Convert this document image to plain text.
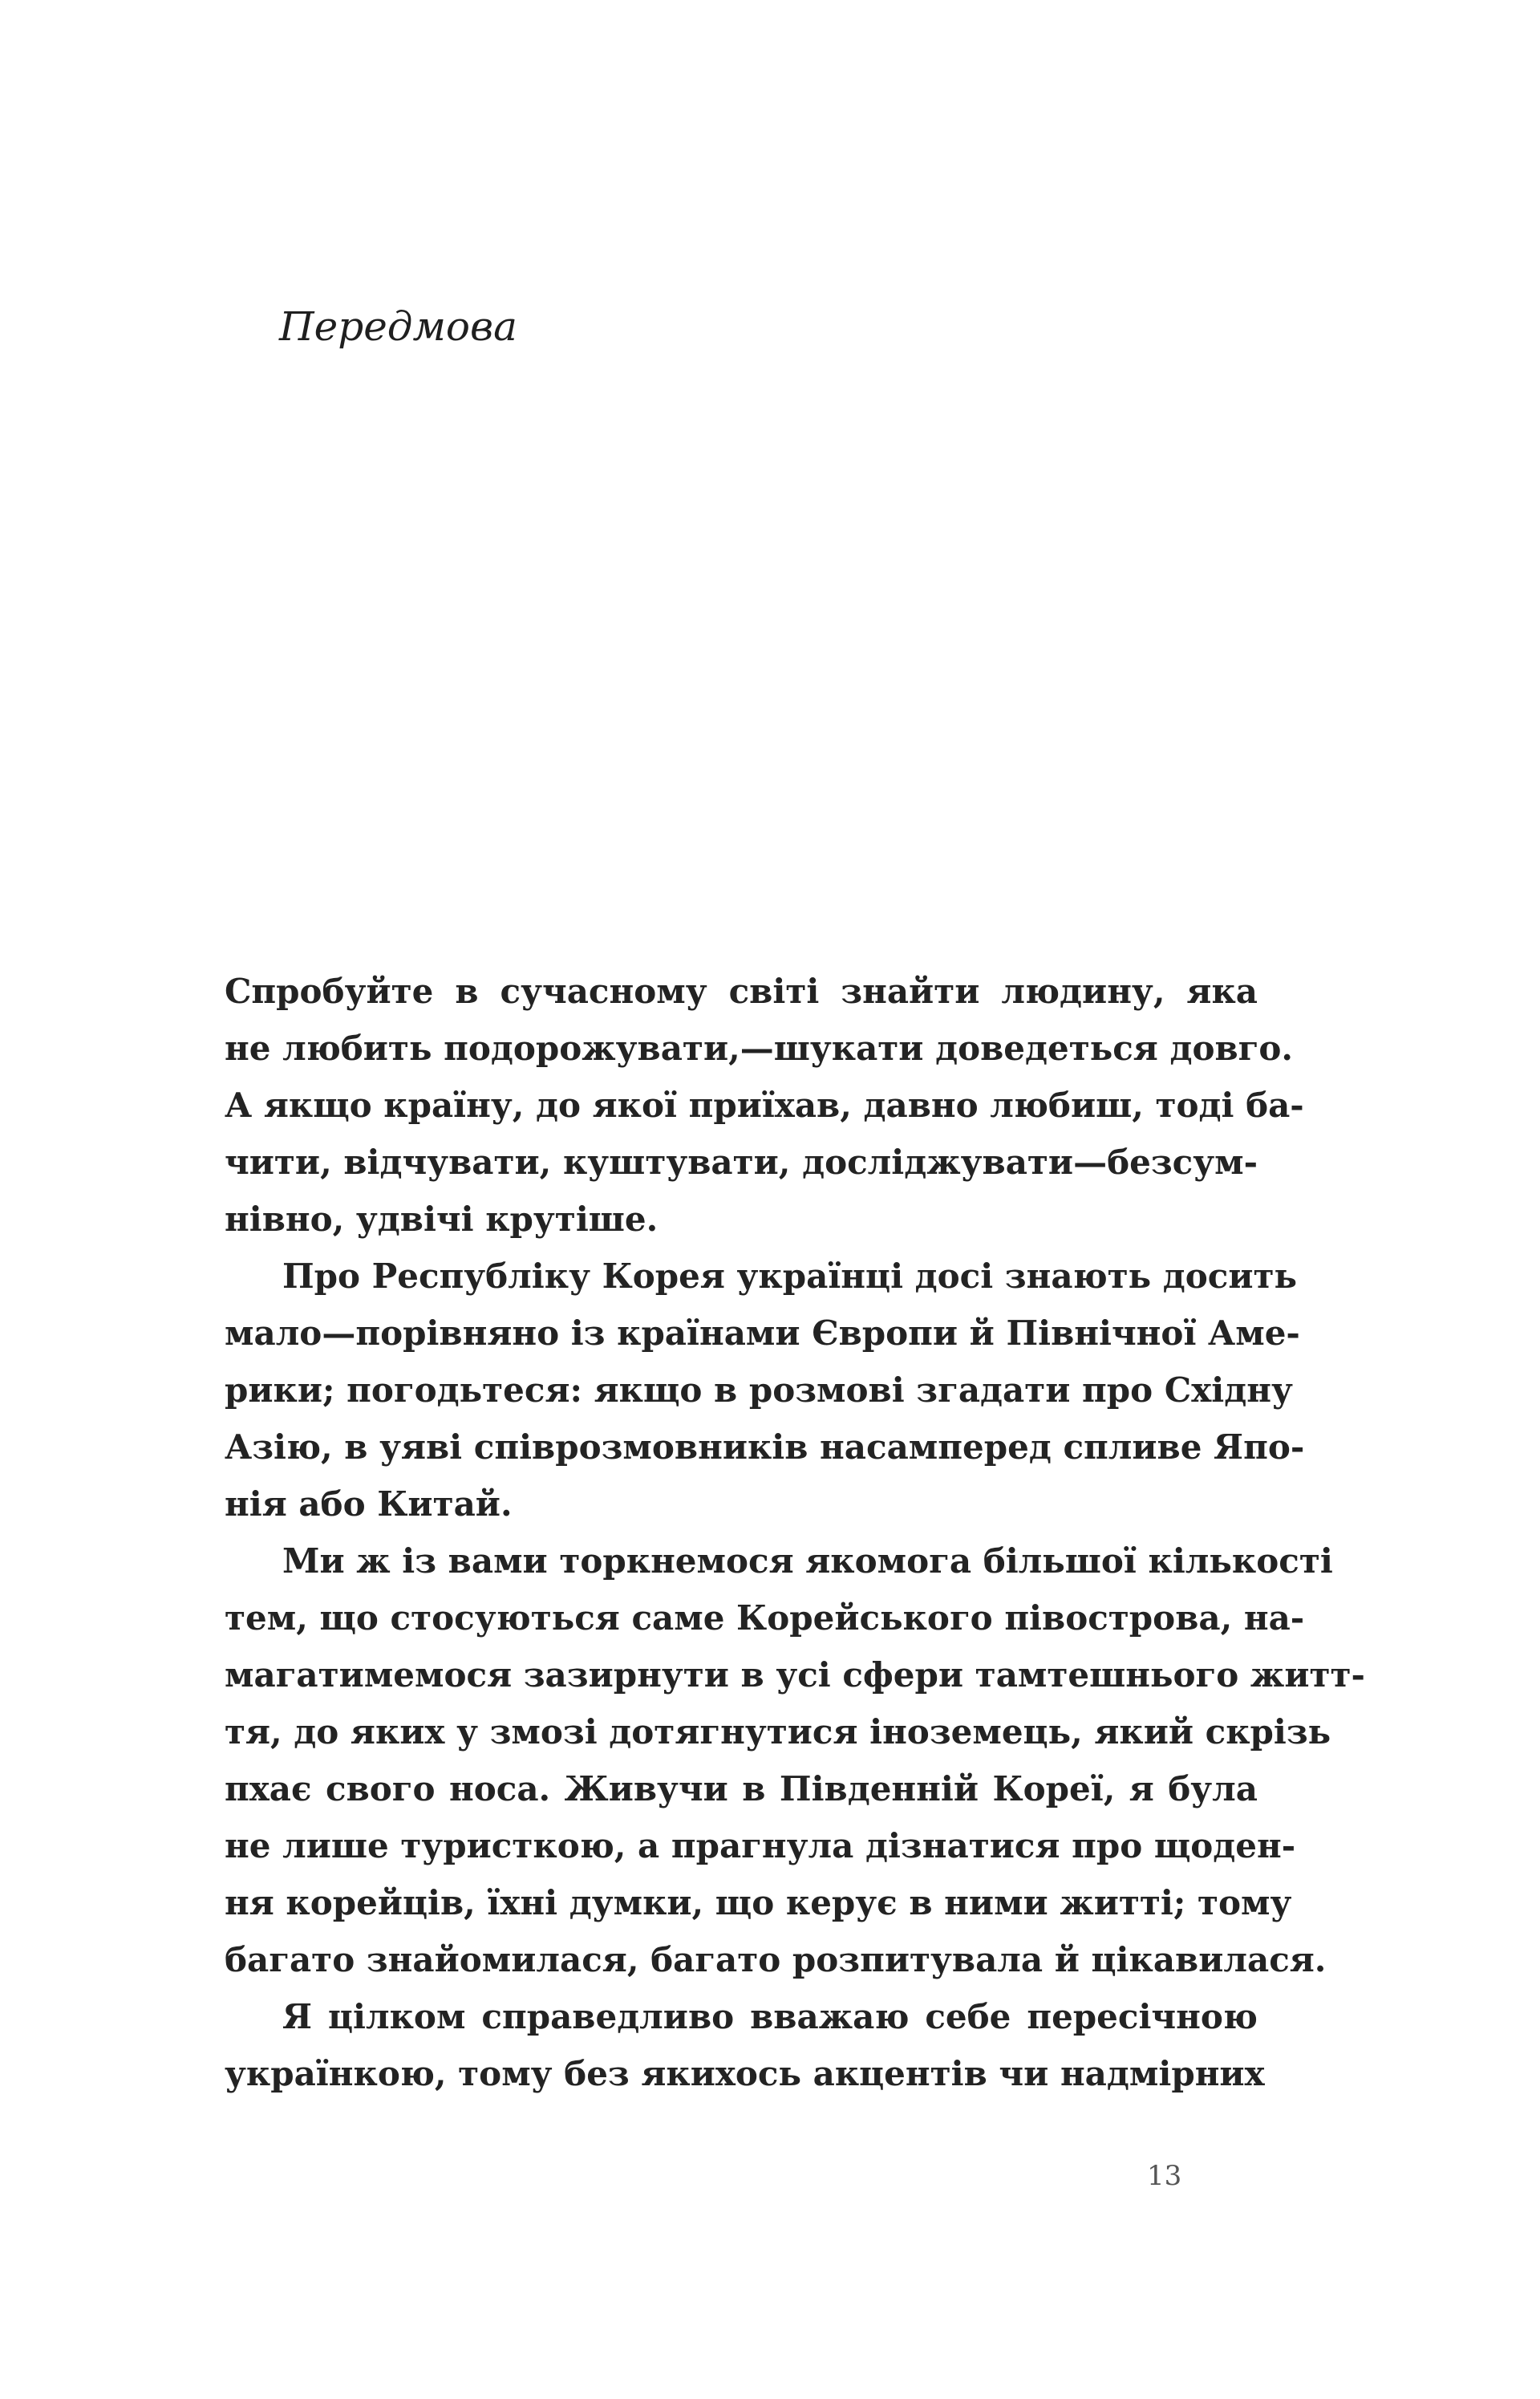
Передмова
Спробуйте в сучасному світі знайти людину, яка
не любить подорожувати,—шукати доведеться довго.
А якщо країну, до якої приїхав, давно любиш, тоді ба-
чити, відчувати, куштувати, досліджувати—безсум-
нівно, удвічі крутіше.
Про Республіку Корея українці досі знають досить
мало—порівняно із країнами Європи й Північної Аме-
рики; погодьтеся: якщо в розмові згадати про Східну
Азію, в уяві співрозмовників насамперед спливе Япо-
нія або Китай.
Ми ж із вами торкнемося якомога більшої кількості
тем, що стосуються саме Корейського півострова, на-
магатимемося зазирнути в усі сфери тамтешнього житт-
тя, до яких у змозі дотягнутися іноземець, який скрізь
пхає свого носа. Живучи в Південній Кореї, я була
не лише туристкою, а прагнула дізнатися про щоден-
ня корейців, їхні думки, що керує в ними житті; тому
багато знайомилася, багато розпитувала й цікавилася.
Я цілком справедливо вважаю себе пересічною
українкою, тому без якихось акцентів чи надмірних
13
